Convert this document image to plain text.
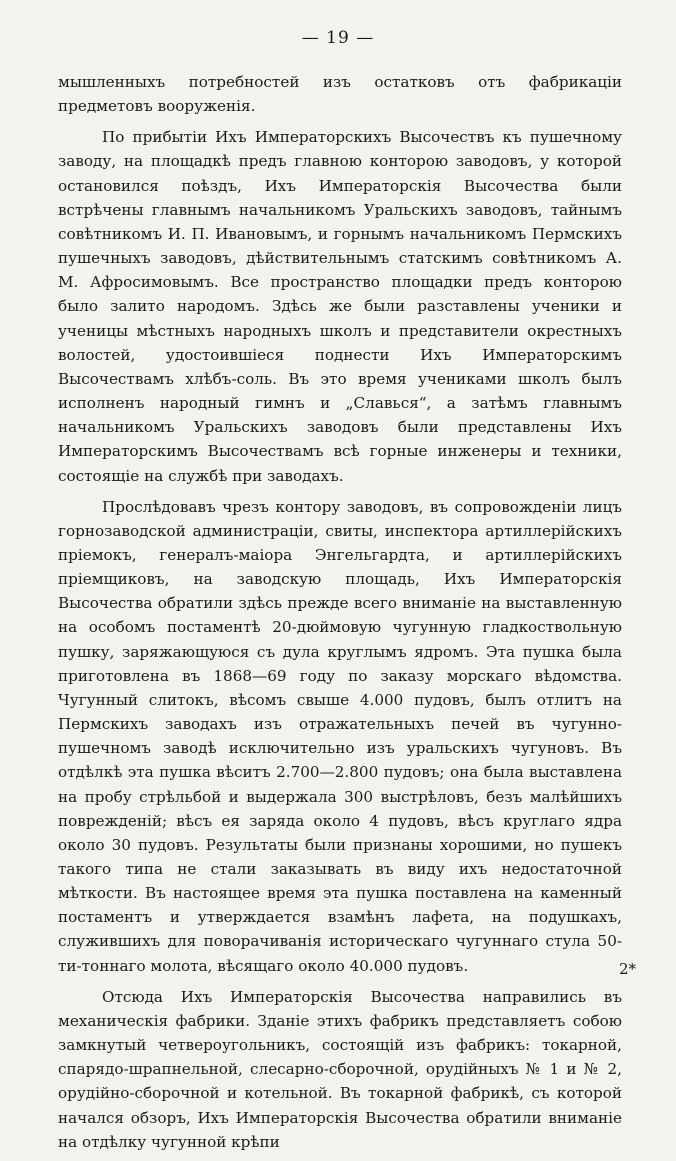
— 19 —

мышленныхъ потребностей изъ остатковъ отъ фабрикаціи предметовъ вооруженія.

По прибытіи Ихъ Императорскихъ Высочествъ къ пушечному заводу, на площадкѣ предъ главною конторою заводовъ, у которой остановился поѣздъ, Ихъ Императорскія Высочества были встрѣчены главнымъ начальникомъ Уральскихъ заводовъ, тайнымъ совѣтникомъ И. П. Ивановымъ, и горнымъ начальникомъ Пермскихъ пушечныхъ заводовъ, дѣйствительнымъ статскимъ совѣтникомъ А. М. Афросимовымъ. Все пространство площадки предъ конторою было залито народомъ. Здѣсь же были разставлены ученики и ученицы мѣстныхъ народныхъ школъ и представители окрестныхъ волостей, удостоившіеся поднести Ихъ Императорскимъ Высочествамъ хлѣбъ-соль. Въ это время учениками школъ былъ исполненъ народный гимнъ и „Славься“, а затѣмъ главнымъ начальникомъ Уральскихъ заводовъ были представлены Ихъ Императорскимъ Высочествамъ всѣ горные инженеры и техники, состоящіе на службѣ при заводахъ.

Прослѣдовавъ чрезъ контору заводовъ, въ сопровожденіи лицъ горнозаводской администраціи, свиты, инспектора артиллерійскихъ пріемокъ, генералъ-маіора Энгельгардта, и артиллерійскихъ пріемщиковъ, на заводскую площадь, Ихъ Императорскія Высочества обратили здѣсь прежде всего вниманіе на выставленную на особомъ постаментѣ 20-дюймовую чугунную гладкоствольную пушку, заряжающуюся съ дула круглымъ ядромъ. Эта пушка была приготовлена въ 1868—69 году по заказу морскаго вѣдомства. Чугунный слитокъ, вѣсомъ свыше 4.000 пудовъ, былъ отлитъ на Пермскихъ заводахъ изъ отражательныхъ печей въ чугунно-пушечномъ заводѣ исключительно изъ уральскихъ чугуновъ. Въ отдѣлкѣ эта пушка вѣситъ 2.700—2.800 пудовъ; она была выставлена на пробу стрѣльбой и выдержала 300 выстрѣловъ, безъ малѣйшихъ поврежденій; вѣсъ ея заряда около 4 пудовъ, вѣсъ круглаго ядра около 30 пудовъ. Результаты были признаны хорошими, но пушекъ такого типа не стали заказывать въ виду ихъ недостаточной мѣткости. Въ настоящее время эта пушка поставлена на каменный постаментъ и утверждается взамѣнъ лафета, на подушкахъ, служившихъ для поворачиванія историческаго чугуннаго стула 50-ти-тоннаго молота, вѣсящаго около 40.000 пудовъ.

Отсюда Ихъ Императорскія Высочества направились въ механическія фабрики. Зданіе этихъ фабрикъ представляетъ собою замкнутый четвероугольникъ, состоящій изъ фабрикъ: токарной, спарядо-шрапнельной, слесарно-сборочной, орудійныхъ № 1 и № 2, орудійно-сборочной и котельной. Въ токарной фабрикѣ, съ которой начался обзоръ, Ихъ Императорскія Высочества обратили вниманіе на отдѣлку чугунной крѣпи

2*
